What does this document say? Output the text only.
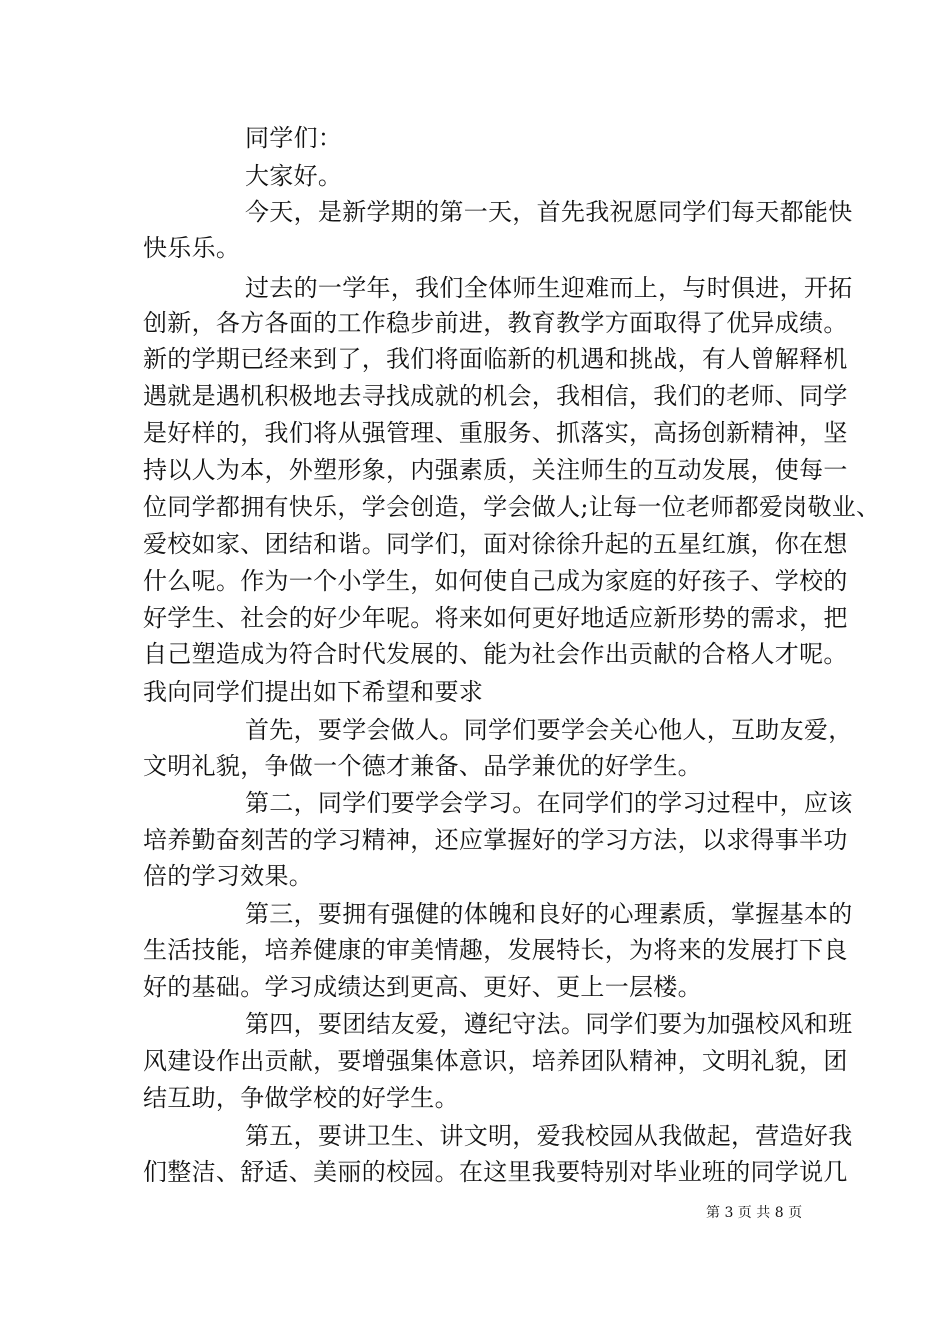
同学们：
大家好。
今天，是新学期的第一天，首先我祝愿同学们每天都能快
快乐乐。
过去的一学年，我们全体师生迎难而上，与时俱进，开拓
创新，各方各面的工作稳步前进，教育教学方面取得了优异成绩。
新的学期已经来到了，我们将面临新的机遇和挑战，有人曾解释机
遇就是遇机积极地去寻找成就的机会，我相信，我们的老师、同学
是好样的，我们将从强管理、重服务、抓落实，高扬创新精神，坚
持以人为本，外塑形象，内强素质，关注师生的互动发展，使每一
位同学都拥有快乐，学会创造，学会做人;让每一位老师都爱岗敬业、
爱校如家、团结和谐。同学们，面对徐徐升起的五星红旗，你在想
什么呢。作为一个小学生，如何使自己成为家庭的好孩子、学校的
好学生、社会的好少年呢。将来如何更好地适应新形势的需求，把
自己塑造成为符合时代发展的、能为社会作出贡献的合格人才呢。
我向同学们提出如下希望和要求
首先，要学会做人。同学们要学会关心他人，互助友爱，
文明礼貌，争做一个德才兼备、品学兼优的好学生。
第二，同学们要学会学习。在同学们的学习过程中，应该
培养勤奋刻苦的学习精神，还应掌握好的学习方法，以求得事半功
倍的学习效果。
第三，要拥有强健的体魄和良好的心理素质，掌握基本的
生活技能，培养健康的审美情趣，发展特长，为将来的发展打下良
好的基础。学习成绩达到更高、更好、更上一层楼。
第四，要团结友爱，遵纪守法。同学们要为加强校风和班
风建设作出贡献，要增强集体意识，培养团队精神，文明礼貌，团
结互助，争做学校的好学生。
第五，要讲卫生、讲文明，爱我校园从我做起，营造好我
们整洁、舒适、美丽的校园。在这里我要特别对毕业班的同学说几
第 3 页 共 8 页
